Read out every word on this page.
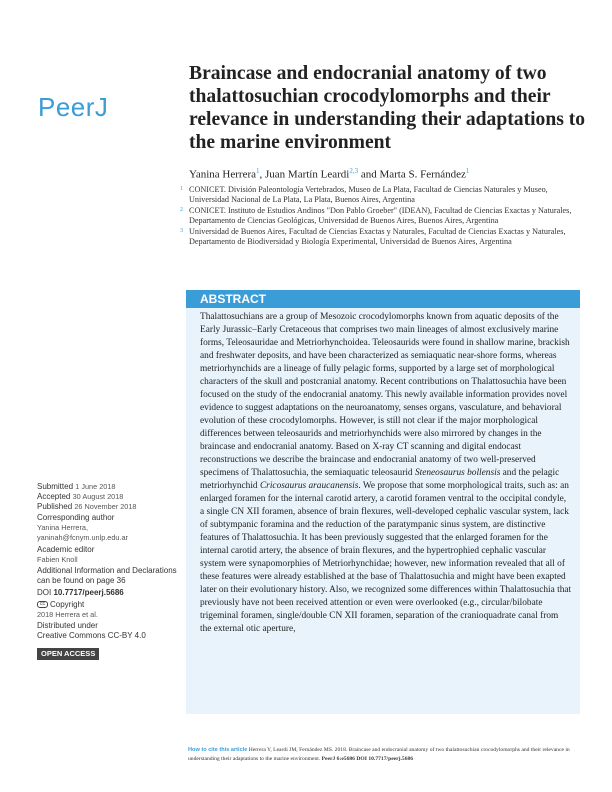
PeerJ
Braincase and endocranial anatomy of two thalattosuchian crocodylomorphs and their relevance in understanding their adaptations to the marine environment
Yanina Herrera$^1$, Juan Martín Leardi$^{2,3}$ and Marta S. Fernández$^1$
1 CONICET. División Paleontología Vertebrados, Museo de La Plata, Facultad de Ciencias Naturales y Museo, Universidad Nacional de La Plata, La Plata, Buenos Aires, Argentina
2 CONICET. Instituto de Estudios Andinos "Don Pablo Groeber" (IDEAN), Facultad de Ciencias Exactas y Naturales, Departamento de Ciencias Geológicas, Universidad de Buenos Aires, Buenos Aires, Argentina
3 Universidad de Buenos Aires, Facultad de Ciencias Exactas y Naturales, Facultad de Ciencias Exactas y Naturales, Departamento de Biodiversidad y Biología Experimental, Universidad de Buenos Aires, Argentina
ABSTRACT

Thalattosuchians are a group of Mesozoic crocodylomorphs known from aquatic deposits of the Early Jurassic–Early Cretaceous that comprises two main lineages of almost exclusively marine forms, Teleosauridae and Metriorhynchoidea. Teleosaurids were found in shallow marine, brackish and freshwater deposits, and have been characterized as semiaquatic near-shore forms, whereas metriorhynchids are a lineage of fully pelagic forms, supported by a large set of morphological characters of the skull and postcranial anatomy. Recent contributions on Thalattosuchia have been focused on the study of the endocranial anatomy. This newly available information provides novel evidence to suggest adaptations on the neuroanatomy, senses organs, vasculature, and behavioral evolution of these crocodylomorphs. However, is still not clear if the major morphological differences between teleosaurids and metriorhynchids were also mirrored by changes in the braincase and endocranial anatomy. Based on X-ray CT scanning and digital endocast reconstructions we describe the braincase and endocranial anatomy of two well-preserved specimens of Thalattosuchia, the semiaquatic teleosaurid Steneosaurus bollensis and the pelagic metriorhynchid Cricosaurus araucanensis. We propose that some morphological traits, such as: an enlarged foramen for the internal carotid artery, a carotid foramen ventral to the occipital condyle, a single CN XII foramen, absence of brain flexures, well-developed cephalic vascular system, lack of subtympanic foramina and the reduction of the paratympanic sinus system, are distinctive features of Thalattosuchia. It has been previously suggested that the enlarged foramen for the internal carotid artery, the absence of brain flexures, and the hypertrophied cephalic vascular system were synapomorphies of Metriorhynchidae; however, new information revealed that all of these features were already established at the base of Thalattosuchia and might have been exapted later on their evolutionary history. Also, we recognized some differences within Thalattosuchia that previously have not been received attention or even were overlooked (e.g., circular/bilobate trigeminal foramen, single/double CN XII foramen, separation of the cranioquadrate canal from the external otic aperture,

Submitted 1 June 2018
Accepted 30 August 2018
Published 26 November 2018
Corresponding author
Yanina Herrera,
yaninah@fcnym.unlp.edu.ar
Academic editor
Fabien Knoll
Additional Information and Declarations can be found on page 36
DOI 10.7717/peerj.5686
cc Copyright
2018 Herrera et al.
Distributed under
Creative Commons CC-BY 4.0
OPEN ACCESS
How to cite this article Herrera Y, Leardi JM, Fernández MS. 2018. Braincase and endocranial anatomy of two thalattosuchian crocodylomorphs and their relevance in understanding their adaptations to the marine environment. PeerJ 6:e5686 DOI 10.7717/peerj.5686
